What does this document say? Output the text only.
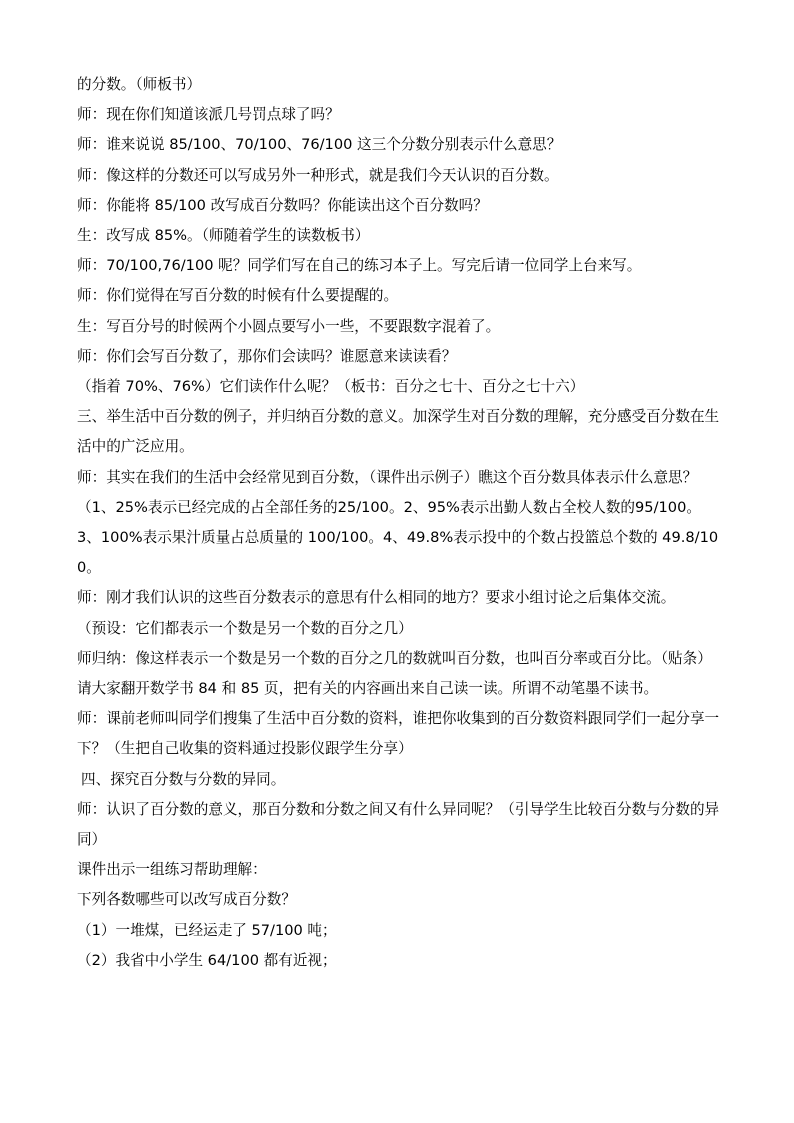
的分数。（师板书）

师：现在你们知道该派几号罚点球了吗？

师：谁来说说 85/100、70/100、76/100 这三个分数分别表示什么意思？

师：像这样的分数还可以写成另外一种形式，就是我们今天认识的百分数。

师：你能将 85/100 改写成百分数吗？你能读出这个百分数吗？

生：改写成 85%。（师随着学生的读数板书）

师：70/100,76/100 呢？同学们写在自己的练习本子上。写完后请一位同学上台来写。

师：你们觉得在写百分数的时候有什么要提醒的。

生：写百分号的时候两个小圆点要写小一些，不要跟数字混着了。

师：你们会写百分数了，那你们会读吗？谁愿意来读读看？

（指着 70%、76%）它们读作什么呢？（板书：百分之七十、百分之七十六）

三、举生活中百分数的例子，并归纳百分数的意义。加深学生对百分数的理解，充分感受百分数在生活中的广泛应用。

师：其实在我们的生活中会经常见到百分数，（课件出示例子）瞧这个百分数具体表示什么意思？（1、25%表示已经完成的占全部任务的25/100。2、95%表示出勤人数占全校人数的95/100。3、100%表示果汁质量占总质量的 100/100。4、49.8%表示投中的个数占投篮总个数的 49.8/100。

师：刚才我们认识的这些百分数表示的意思有什么相同的地方？要求小组讨论之后集体交流。

（预设：它们都表示一个数是另一个数的百分之几）

师归纳：像这样表示一个数是另一个数的百分之几的数就叫百分数，也叫百分率或百分比。（贴条）请大家翻开数学书 84 和 85 页，把有关的内容画出来自己读一读。所谓不动笔墨不读书。

师：课前老师叫同学们搜集了生活中百分数的资料，谁把你收集到的百分数资料跟同学们一起分享一下？（生把自己收集的资料通过投影仪跟学生分享）

四、探究百分数与分数的异同。

师：认识了百分数的意义，那百分数和分数之间又有什么异同呢？（引导学生比较百分数与分数的异同）

课件出示一组练习帮助理解：

下列各数哪些可以改写成百分数？

（1）一堆煤，已经运走了 57/100 吨；

（2）我省中小学生 64/100 都有近视；
